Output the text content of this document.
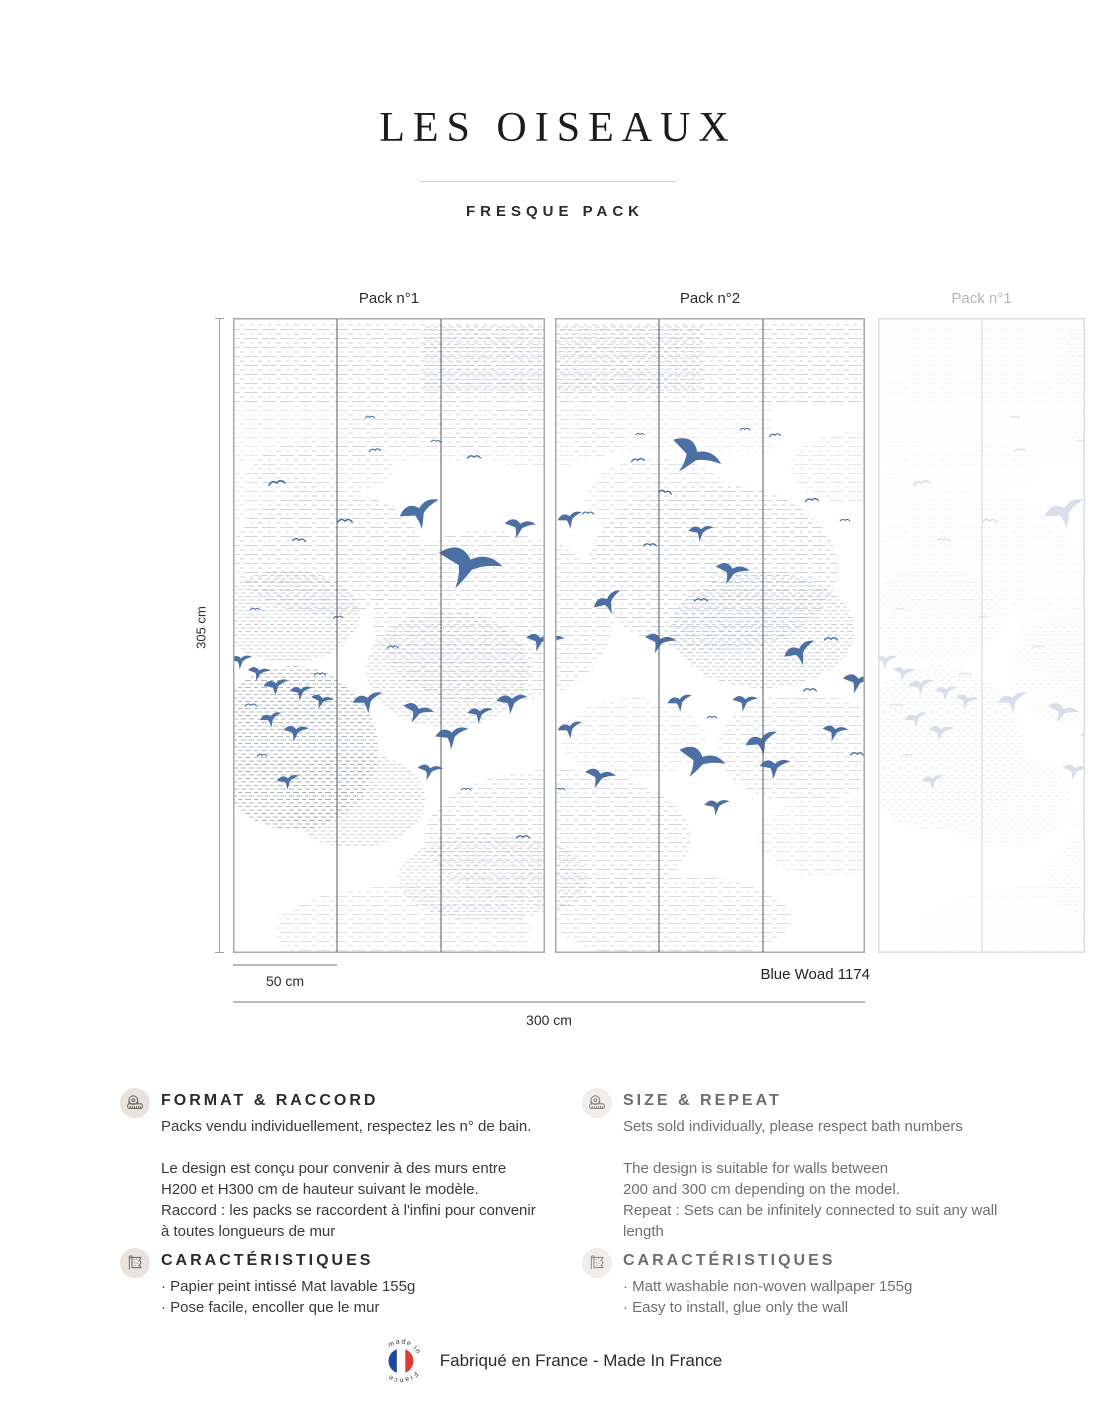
LES OISEAUX
FRESQUE PACK
Pack n°1	Pack n°2	Pack n°1
305 cm
50 cm	Blue Woad 1174
300 cm
FORMAT & RACCORD
Packs vendu individuellement, respectez les n° de bain.

Le design est conçu pour convenir à des murs entre
H200 et H300 cm de hauteur suivant le modèle.
Raccord : les packs se raccordent à l'infini pour convenir
à toutes longueurs de mur
SIZE & REPEAT
Sets sold individually, please respect bath numbers

The design is suitable for walls between
200 and 300 cm depending on the model.
Repeat : Sets can be infinitely connected to suit any wall length
CARACTÉRISTIQUES
· Papier peint intissé Mat lavable 155g
· Pose facile, encoller que le mur
CARACTÉRISTIQUES
· Matt washable non-woven wallpaper 155g
· Easy to install, glue only the wall
made in
France
Fabriqué en France - Made In France
